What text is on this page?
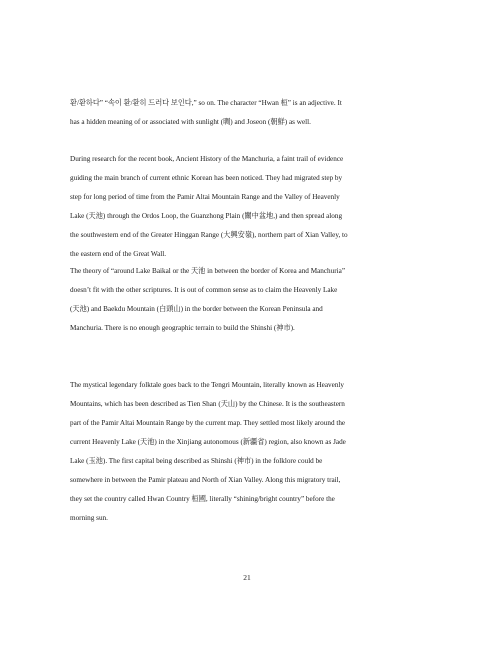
환/환하다” “속이 환/환히 드러다 보인다,” so on. The character “Hwan 桓” is an adjective. It
has a hidden meaning of or associated with sunlight (晭) and Joseon (朝鮮) as well.
During research for the recent book, Ancient History of the Manchuria, a faint trail of evidence
guiding the main branch of current ethnic Korean has been noticed. They had migrated step by
step for long period of time from the Pamir Altai Mountain Range and the Valley of Heavenly
Lake (天池) through the Ordos Loop, the Guanzhong Plain (關中盆地,) and then spread along
the southwestern end of the Greater Hinggan Range (大興安嶺), northern part of Xian Valley, to
the eastern end of the Great Wall.
The theory of “around Lake Baikal or the 天池 in between the border of Korea and Manchuria”
doesn’t fit with the other scriptures. It is out of common sense as to claim the Heavenly Lake
(天池) and Baekdu Mountain (白頭山) in the border between the Korean Peninsula and
Manchuria. There is no enough geographic terrain to build the Shinshi (神市).
The mystical legendary folktale goes back to the Tengri Mountain, literally known as Heavenly
Mountains, which has been described as Tien Shan (天山) by the Chinese. It is the southeastern
part of the Pamir Altai Mountain Range by the current map. They settled most likely around the
current Heavenly Lake (天池) in the Xinjiang autonomous (新疆省) region, also known as Jade
Lake (玉池). The first capital being described as Shinshi (神市) in the folklore could be
somewhere in between the Pamir plateau and North of Xian Valley. Along this migratory trail,
they set the country called Hwan Country 桓國, literally “shining/bright country” before the
morning sun.
21
